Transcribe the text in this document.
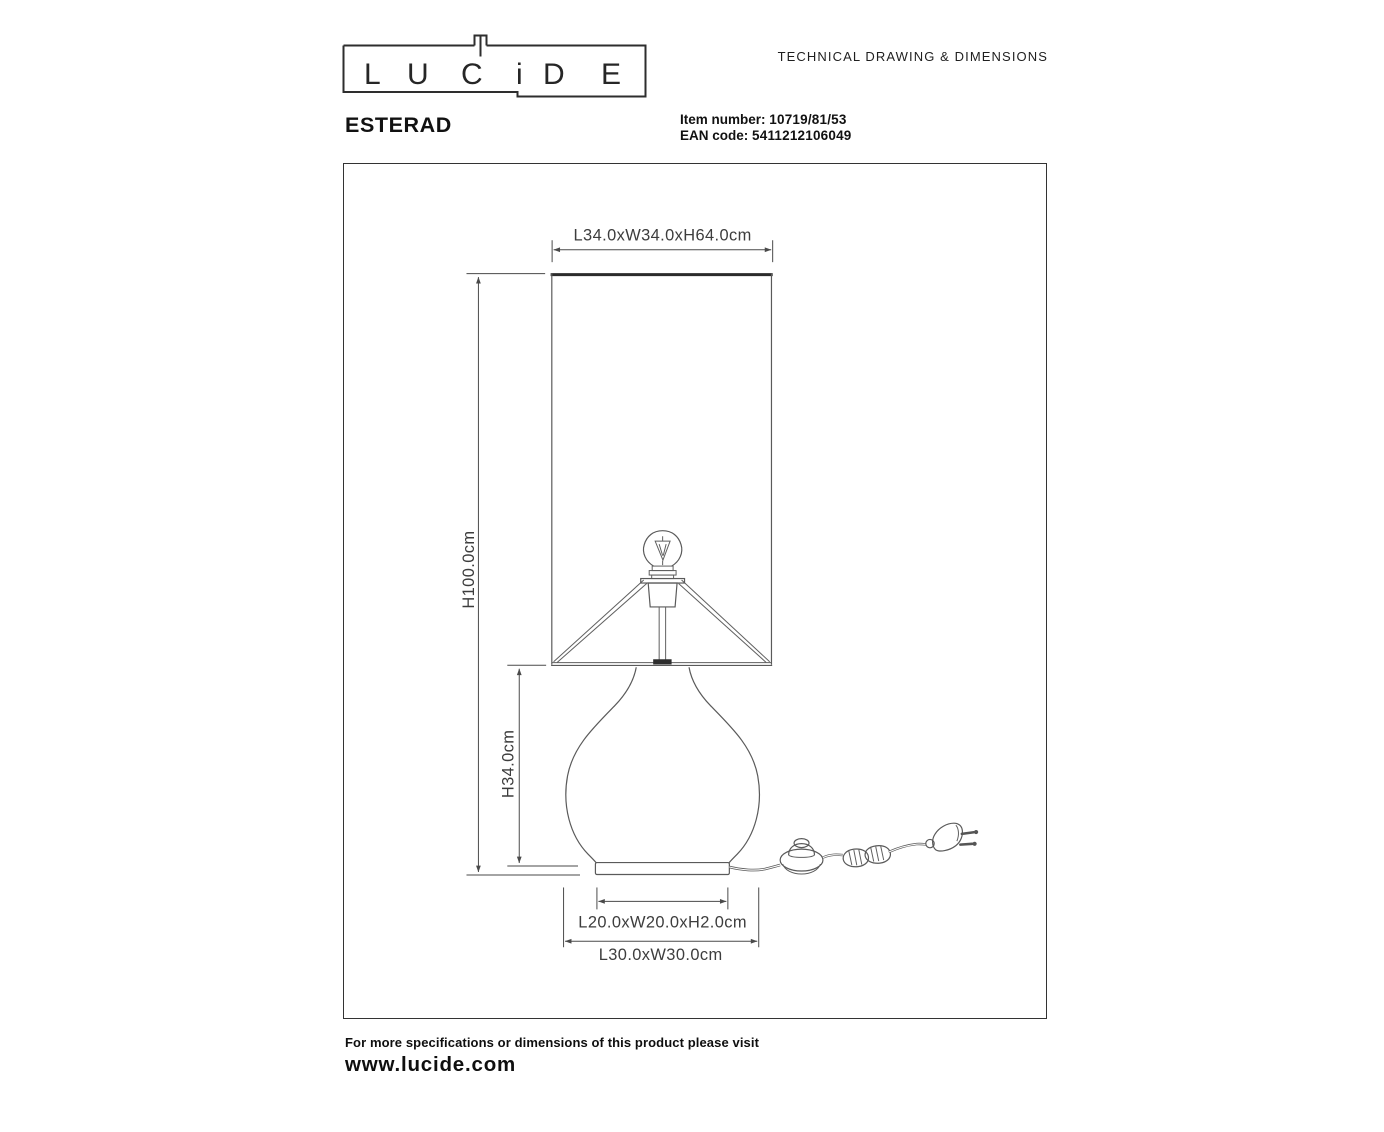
L U C i D E
TECHNICAL DRAWING & DIMENSIONS
ESTERAD	Item number: 10719/81/53
EAN code: 5411212106049
L34.0xW34.0xH64.0cm
H100.0cm
H34.0cm
L20.0xW20.0xH2.0cm
L30.0xW30.0cm
For more specifications or dimensions of this product please visit
www.lucide.com
